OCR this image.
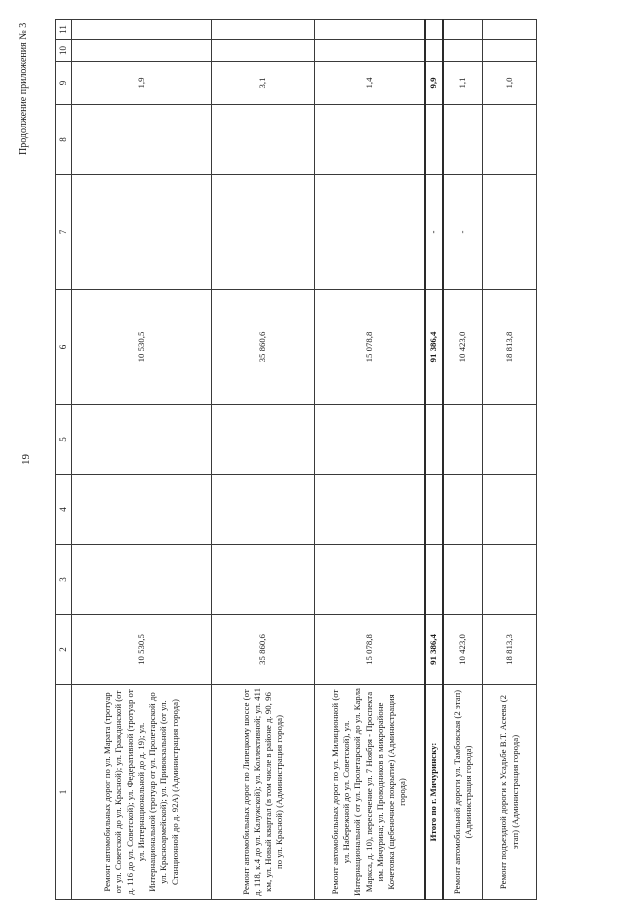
19
Продолжение приложения № 3
1	2	3	4	5	6	7	8	9	10	11
Ремонт автомобильных дорог по ул. Марата (тротуар от ул. Советской до ул. Красной); ул. Гражданской (от д. 116 до ул. Советской); ул. Федеративной (тротуар от ул. Интернациональной до д. 19); ул. Интернациональной (тротуар от ул. Пролетарской до ул. Красноармейской); ул. Привокзальной (от ул. Станционной до д. 92А) (Администрация города)	10 530,5				10 530,5			1,9		
Ремонт автомобильных дорог по Липецкому шоссе (от д. 118, к.4 до ул. Калужской); ул. Коллективной; ул. 411 км, ул. Новый квартал (в том числе в районе д. 90, 96 по ул. Красной) (Администрация города)	35 860,6				35 860,6			3,1		
Ремонт автомобильных дорог по ул. Милиционной (от ул. Набережной до ул. Советской), ул. Интернациональной ( от ул. Пролетарской до ул. Карла Маркса, д. 10), пересечение ул. 7 Ноября - Проспекта им. Мичурина; ул. Проводников в микрорайоне Кочетовка (щебеночное покрытие) (Администрация города)	15 078,8				15 078,8			1,4		
Итого по г. Мичуринску:	91 386,4				91 386,4	-		9,9		
Ремонт автомобильной дороги ул. Тамбовская (2 этап) (Администрация города)	10 423,0				10 423,0	-		1,1		
Ремонт подъездной дороги к Усадьбе В.Т. Асеева (2 этап) (Администрация города)	18 813,3				18 813,8			1,0		
